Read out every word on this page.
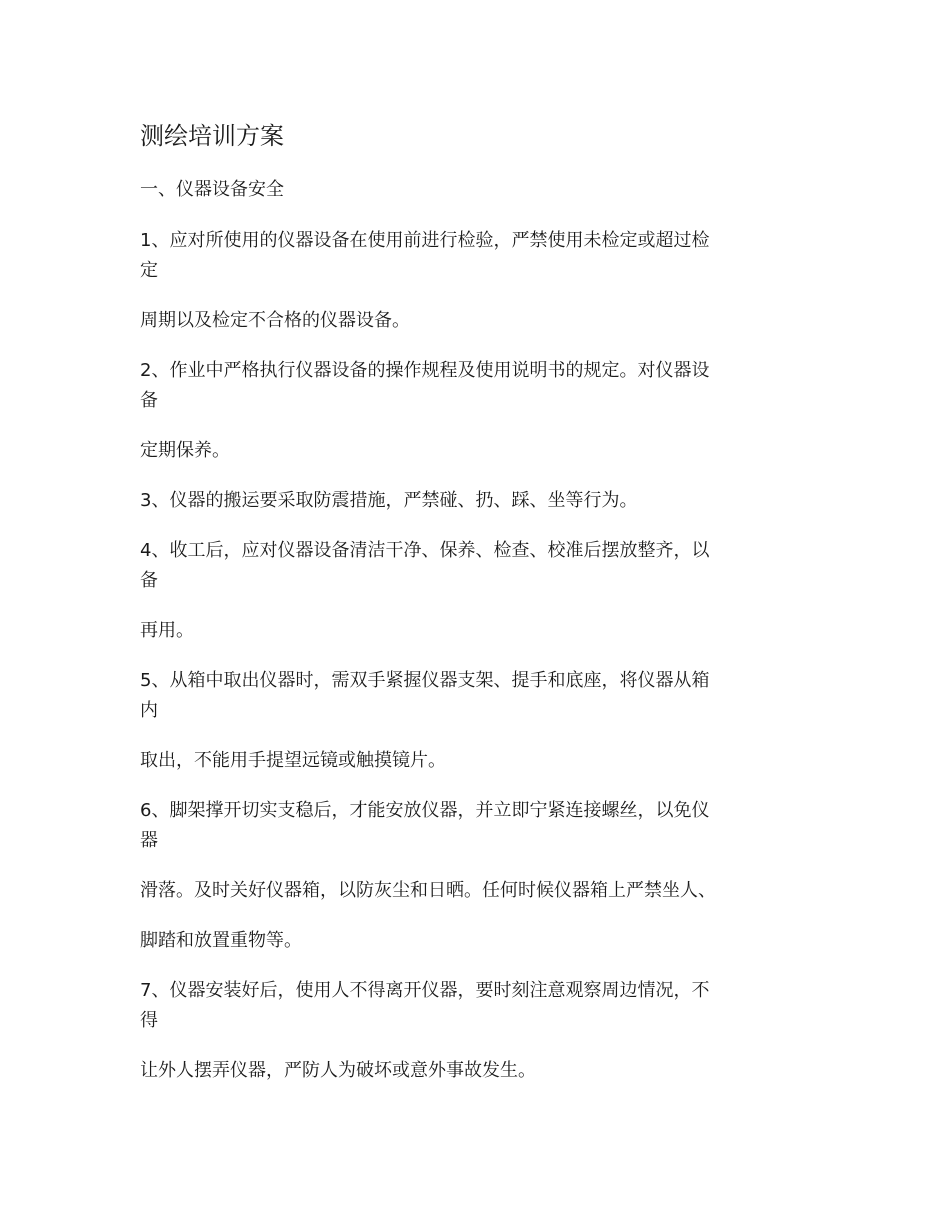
测绘培训方案
一、仪器设备安全
1、应对所使用的仪器设备在使用前进行检验，严禁使用未检定或超过检
定
周期以及检定不合格的仪器设备。
2、作业中严格执行仪器设备的操作规程及使用说明书的规定。对仪器设
备
定期保养。
3、仪器的搬运要采取防震措施，严禁碰、扔、踩、坐等行为。
4、收工后，应对仪器设备清洁干净、保养、检查、校准后摆放整齐，以
备
再用。
5、从箱中取出仪器时，需双手紧握仪器支架、提手和底座，将仪器从箱
内
取出，不能用手提望远镜或触摸镜片。
6、脚架撑开切实支稳后，才能安放仪器，并立即宁紧连接螺丝，以免仪
器
滑落。及时关好仪器箱，以防灰尘和日晒。任何时候仪器箱上严禁坐人、
脚踏和放置重物等。
7、仪器安装好后，使用人不得离开仪器，要时刻注意观察周边情况，不
得
让外人摆弄仪器，严防人为破坏或意外事故发生。
